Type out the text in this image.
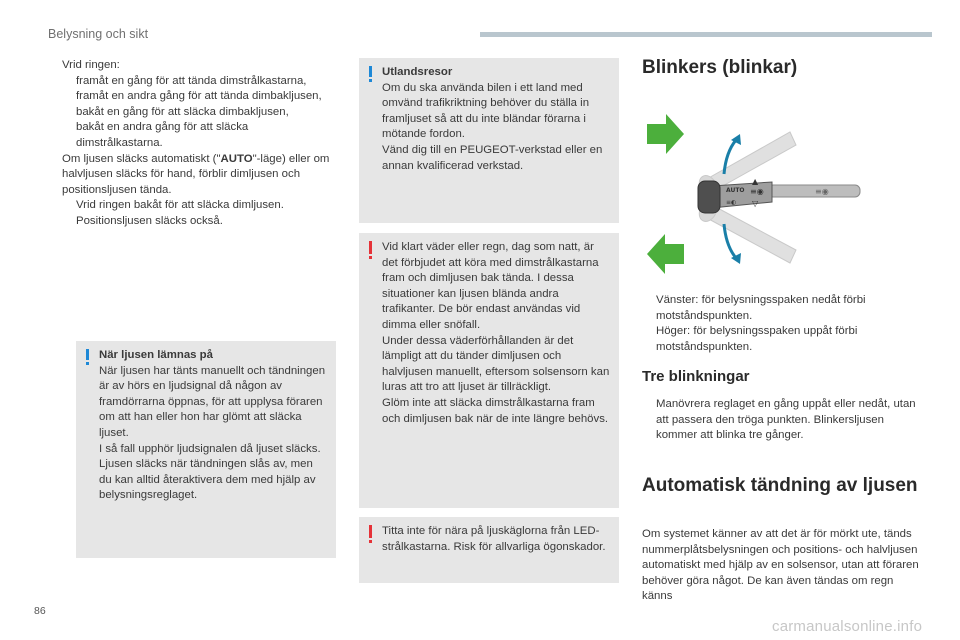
Belysning och sikt
Vrid ringen:
framåt en gång för att tända dimstrålkastarna,
framåt en andra gång för att tända dimbakljusen,
bakåt en gång för att släcka dimbakljusen,
bakåt en andra gång för att släcka dimstrålkastarna.
Om ljusen släcks automatiskt ("AUTO"-läge) eller om halvljusen släcks för hand, förblir dimljusen och positionsljusen tända.
Vrid ringen bakåt för att släcka dimljusen. Positionsljusen släcks också.
När ljusen lämnas på
När ljusen har tänts manuellt och tändningen är av hörs en ljudsignal då någon av framdörrarna öppnas, för att upplysa föraren om att han eller hon har glömt att släcka ljuset.
I så fall upphör ljudsignalen då ljuset släcks.
Ljusen släcks när tändningen slås av, men du kan alltid återaktivera dem med hjälp av belysningsreglaget.
Utlandsresor
Om du ska använda bilen i ett land med omvänd trafikriktning behöver du ställa in framljuset så att du inte bländar förarna i mötande fordon.
Vänd dig till en PEUGEOT-verkstad eller en annan kvalificerad verkstad.
Vid klart väder eller regn, dag som natt, är det förbjudet att köra med dimstrålkastarna fram och dimljusen bak tända. I dessa situationer kan ljusen blända andra trafikanter. De bör endast användas vid dimma eller snöfall.
Under dessa väderförhållanden är det lämpligt att du tänder dimljusen och halvljusen manuellt, eftersom solsensorn kan luras att tro att ljuset är tillräckligt.
Glöm inte att släcka dimstrålkastarna fram och dimljusen bak när de inte längre behövs.
Titta inte för nära på ljuskäglorna från LED-strålkastarna. Risk för allvarliga ögonskador.
Blinkers (blinkar)
≡◉
AUTO ≡◉
≡◐ ▽
▲
Vänster: för belysningsspaken nedåt förbi motståndspunkten.
Höger: för belysningsspaken uppåt förbi motståndspunkten.
Tre blinkningar
Manövrera reglaget en gång uppåt eller nedåt, utan att passera den tröga punkten. Blinkersljusen kommer att blinka tre gånger.
Automatisk tändning av ljusen
Om systemet känner av att det är för mörkt ute, tänds nummerplåtsbelysningen och positions- och halvljusen automatiskt med hjälp av en solsensor, utan att föraren behöver göra något. De kan även tändas om regn känns
86
carmanualsonline.info
